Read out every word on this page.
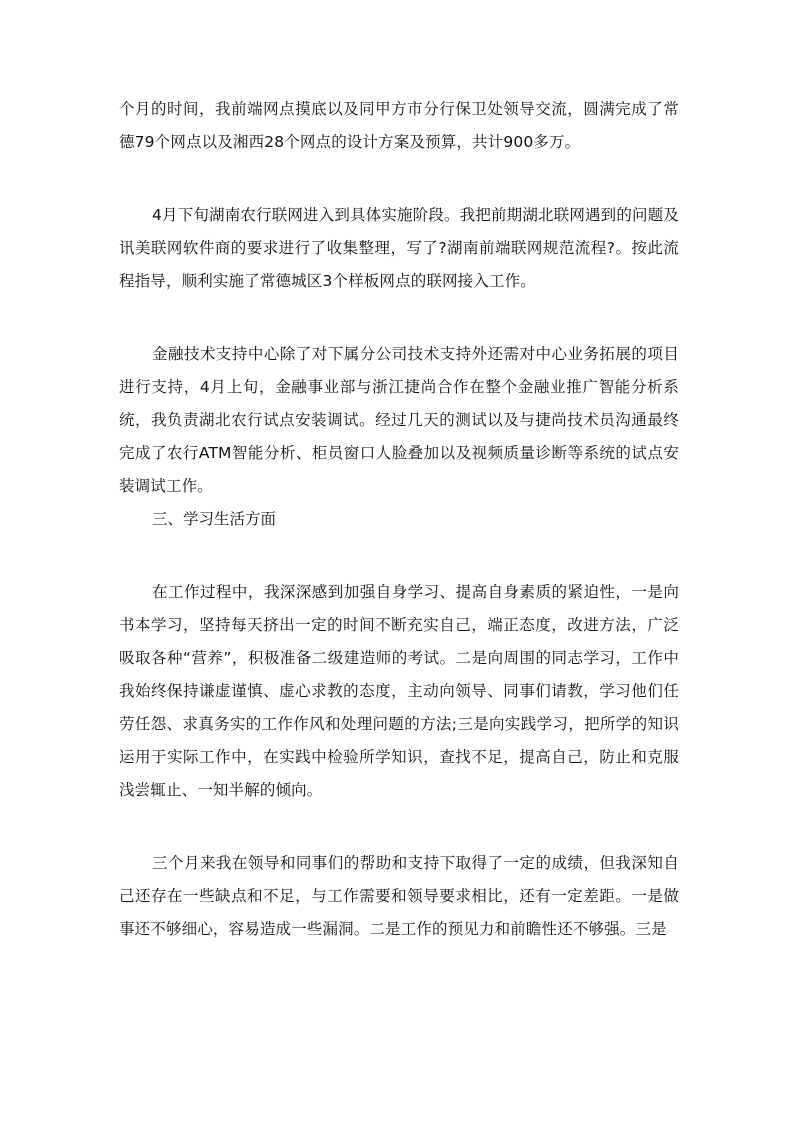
个月的时间，我前端网点摸底以及同甲方市分行保卫处领导交流，圆满完成了常德79个网点以及湘西28个网点的设计方案及预算，共计900多万。

4月下旬湖南农行联网进入到具体实施阶段。我把前期湖北联网遇到的问题及讯美联网软件商的要求进行了收集整理，写了?湖南前端联网规范流程?。按此流程指导，顺利实施了常德城区3个样板网点的联网接入工作。

金融技术支持中心除了对下属分公司技术支持外还需对中心业务拓展的项目进行支持，4月上旬，金融事业部与浙江捷尚合作在整个金融业推广智能分析系统，我负责湖北农行试点安装调试。经过几天的测试以及与捷尚技术员沟通最终完成了农行ATM智能分析、柜员窗口人脸叠加以及视频质量诊断等系统的试点安装调试工作。

三、学习生活方面

在工作过程中，我深深感到加强自身学习、提高自身素质的紧迫性，一是向书本学习，坚持每天挤出一定的时间不断充实自己，端正态度，改进方法，广泛吸取各种“营养”，积极准备二级建造师的考试。二是向周围的同志学习，工作中我始终保持谦虚谨慎、虚心求教的态度，主动向领导、同事们请教，学习他们任劳任怨、求真务实的工作作风和处理问题的方法;三是向实践学习，把所学的知识运用于实际工作中，在实践中检验所学知识，查找不足，提高自己，防止和克服浅尝辄止、一知半解的倾向。

三个月来我在领导和同事们的帮助和支持下取得了一定的成绩，但我深知自己还存在一些缺点和不足，与工作需要和领导要求相比，还有一定差距。一是做事还不够细心，容易造成一些漏洞。二是工作的预见力和前瞻性还不够强。三是
